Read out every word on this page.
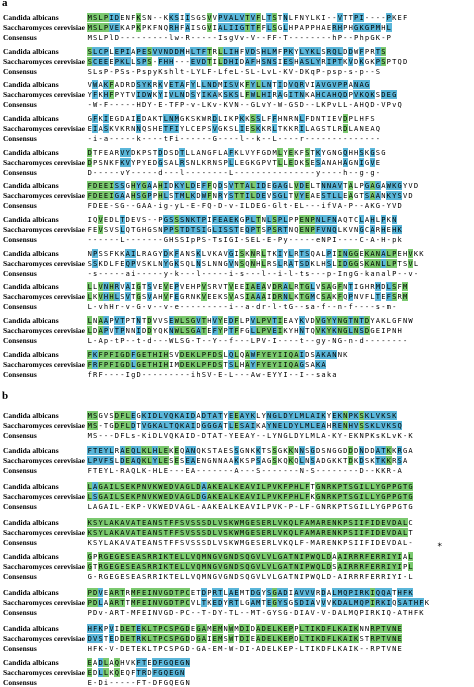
a
Candida albicans
Saccharomyces cerevisiae
Consensus
MSLPIDENFKSN--KKSIISGSVVPVALVTVFLTSTNLFNYLKI--VTTPI----PKEF
MSLPVEKAPKPKFNQRHFAISGVIALIIGTTFFLSGLHPAPPHAERHPHGKGPMHL
MSLPlD---------lw-R-----IsgVv-V--FF-T--------hP--PhpGK-P
Candida albicans
Saccharomyces cerevisiae
Consensus
SLCPLEPIAPESVVNDDMHLTFTRLLIHFVDSHLMFPKYLYKLSRQLDDWFPRTS
SCEEEPKLLSPS-FHH---EVDTILDHIDAFHSNSIESHASLYRIPTKVDKGKPSPTQD
SLsP-PSs-PspyKshlt-LYLF-LfeL-SL-LvL-KV-DKqP-psp-s-p--S
Candida albicans
Saccharomyces cerevisiae
Consensus
VWAKFADRDSYKRKVETAFYLLNDMISVKFYLLNTIDVQRVIAVGVPPANAG
YFKHFPYTVIDWKYIVLNDSYIKAKSKSLFWLHIRAGITNKAHCAHQDPVKQKSDEG
-W-F-----HDY-E-TFP-v-LKv-KVN--GLvY-W-GSD--LKPvLL-AHQD-VPvQ
Candida albicans
Saccharomyces cerevisiae
Consensus
GFKIEGDAIEDAKTLNMGKSKWRDLIKPKKSSLFFHNRNLFDNTIEVDPLHFS
EIASKVKRNNQSHETFIYLCEPSVGKSLIESKKRLTKKRILAGSTLRDLANEAQ
-i-a-----k----tFi------G----l--k--L----r--------------
Candida albicans
Saccharomyces cerevisiae
Consensus
DTFEARVYDKPSTDDSDTLLANGFLAFKLVYFGDMLYEKFSTKYGNGQHHSKGSG
DPSNKFKVYPYEDGSALRSNLKRNSPLLEGKGPVTLLEDKSESANAHAGNIGVE
D-----vY-----d---l--------L---------------y----h--g-g-
Candida albicans
Saccharomyces cerevisiae
Consensus
FDEEISSGHYGAAHIDKYLDEFFQDSVTTALIDEGAGLVDELTNNAVTALPGAGAWKGYVD
FDEEIGAAHSGPPHLSTMLKDWFNRYSTTILDEVSGLTVYEAESTLLEAGTSAANKYSVD
FDEE-SG--GAA-ig-yL-E-FQ-D-v-ILDEG-Glt-EL---ifVA-P--AKG-YVD
Candida albicans
Saccharomyces cerevisiae
Consensus
IQVEDLTDEVS--PGSSSNKTPIFEAEKGPLTNLSPLPPENPNLFNAQTCLAHLPKN
FEVSVSLQTGHGSNPPSTDTSIGLISSTEQPTSPSRTNQENPFVNQLKVNGCARHEHK
------L-------GHSSIpPS-TsIGI-SEL-E-Py-----eNPI----C-A-H-pk
Candida albicans
Saccharomyces cerevisiae
Consensus
NPSSFKKAILRAGYDKFANSKLVKAVGISKNRLTKIYLRTSQALPIINGGEKANALPEHVKK
SSKDLFEQPVSKLNYGKSQLNSLNNGVNSQNHLRSLRATSDKLHSLIDGGSKANLLPTSVL
-s-----ai-----y-k---l-----i-s---l--i-l-ts---p-IngG-kanalP--v-
Candida albicans
Saccharomyces cerevisiae
Consensus
LLVNHRVAIGTSVEVEPVEHPVSRVTVEEIAEAVDRALRTGLVSAGFNTIGHRMDLSFM
LKVHHLSVTGSVAHVFEGRNKVEEKSVASIAAAIDRNLKTGMCSAKFQPNVFLTEFSRM
L-vhHr-v-G-v--v-e---------i--a-dr-l-tG--sa-f--n-f----s-m-
Candida albicans
Saccharomyces cerevisiae
Consensus
LNAAPVTPTNTDVVSEWLSGVTHVYEDFLPVLPVTIEAYKVDVGYYNGTNTDYAKLGFNW
LDAPVTPNNIDDYQKNWLSGATEFYPTFFGLLPVEIKYHNTQVKYKNGLNSDGEIPNH
L-Ap-tP--t-d---WLSG-T--Y--f---LPV-I----t--gy-NG-n-d--------
Candida albicans
Saccharomyces cerevisiae
Consensus
FKFPFIGDFGETHIHSVDEKLPFDSLQLQAWFYEYIIQAIDSAKANNK
FRFPFIGDLGETHIHIMDEKLPFDSTSLHAYFYEYIIQAGSAKA
fRF----IgD---------ihSV-E-L---Aw-EYYI--I--saka
b
Candida albicans
Saccharomyces cerevisiae
Consensus
MSGVSDFLEGKIDLVQKAIDADTATYEEAYKLYNGLDYLMLAIKYEKNPKSKLVKSK
MS-TGDFLDTVGKALTQKAIDGGGATLESAIKAYNELDYLMLEAHRENHVSSKLVKSQ
MS---DFLs-KiDLVQKAID-DTAT-YEEAY--LYNGLDYLMLA-KY-EKNPKsKLvK-K
Candida albicans
Saccharomyces cerevisiae
Consensus
FTEYLRAEQLKLHLEKEQANQKSTAESSGNKKTSSGKKNNSGDSNGGDDDNDDATKKRGA
LPVFSLDEAQKLYLESESEAENGNNAAKKSPSAGSKQKQLNSADGKKTDKDSKTKKRSA
FTEYL-RAQLK-HLE---EA-------A---S-------N-S--------D--KKR-A
Candida albicans
Saccharomyces cerevisiae
Consensus
LAGAILSEKPNVKWEDVAGLDAAKEALKEAVILPVKFPHLFTGNRKPTSGILLYGPPGTG
LSGAILSEKPNVKWEDVAGLDGAKEALKEAVILPVKFPHLFKGNRKPTSGILLYGPPGTG
LAGAIL-EKP-VKWEDVAGL-AAKEALKEAVILPVK-P-LF-GNRKPTSGILLYGPPGTG
Candida albicans
Saccharomyces cerevisiae
Consensus
KSYLAKAVATEANSTFFSVSSSDLVSKWMGESERLVKQLFAMARENKPSIIFIDEVDALC
KSYLAKAVATEANSTFFSVSSSDLVSKWMGESERLVKQLFAMARENKPSIIFIDEVDALT
KSYLAKAVATEANSTFFSVSSSDLVSKWMGESERLVKQLF-MARENKPSIIFIDEVDAL-
Candida albicans
Saccharomyces cerevisiae
Consensus
GPRGEGESEASRRIKTELLVQMNGVGNDSQGVLVLGATNIPWQLDAAIRRRFERRIYIAL
GTRGEGESEASRRIKTELLVQMNGVGNDSQGVLVLGATNIPWQLDSAIRRRFERRIYIPL
G-RGEGESEASRRIKTELLVQMNGVGNDSQGVLVLGATNIPWQLD-AIRRRFERRIYI-L
Candida albicans
Saccharomyces cerevisiae
Consensus
PDVEARTRMFEINVGDTPCETDPRTLAEMTDGYSGADIAVVVRDALMQPIRKIQQATHFK
PDLAARTTMFEINVGDTPCVLTKEDYRTLGAMTEGYSGSDIAVVVKDALMQPIRKIQSATHFK
PDv-ART-MFEINVGD-PC--T-DY-TL--MT-GYSG-DIAV-V-DALMQPIRKIQ-ATHFK
Candida albicans
Saccharomyces cerevisiae
Consensus
HFKPVIDETEKLTPCSPGDEGAMEMNWMDIDADELKEPPLTIKDFLKAIKNNRPTVNE
DVSTEDDETRKLTPCSPGDDGAIEMSWTDIEADELKEPDLTIKDFLKAIKSTRPTVNE
HFK-V-DETEKLTPCSPGD-GA-EM-W-DI-ADELKEP-LTIKDFLKAIK--RPTVNE
Candida albicans
Saccharomyces cerevisiae
Consensus
EADLAQHVKFTEDFGQEGN
EDLLKQEQFTRDFGQEGN
E-Di-----FT-DFGQEGN
*
